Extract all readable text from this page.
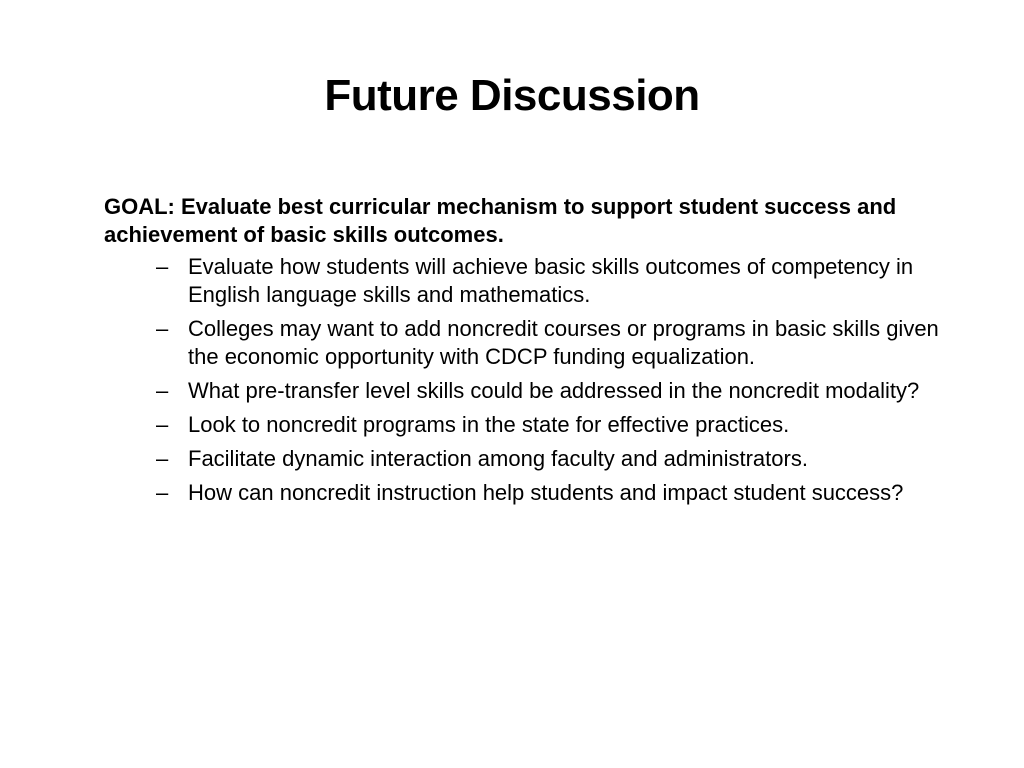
Future Discussion

GOAL: Evaluate best curricular mechanism to support student success and achievement of basic skills outcomes.

– Evaluate how students will achieve basic skills outcomes of competency in English language skills and mathematics.
– Colleges may want to add noncredit courses or programs in basic skills given the economic opportunity with CDCP funding equalization.
– What pre-transfer level skills could be addressed in the noncredit modality?
– Look to noncredit programs in the state for effective practices.
– Facilitate dynamic interaction among faculty and administrators.
– How can noncredit instruction help students and impact student success?
